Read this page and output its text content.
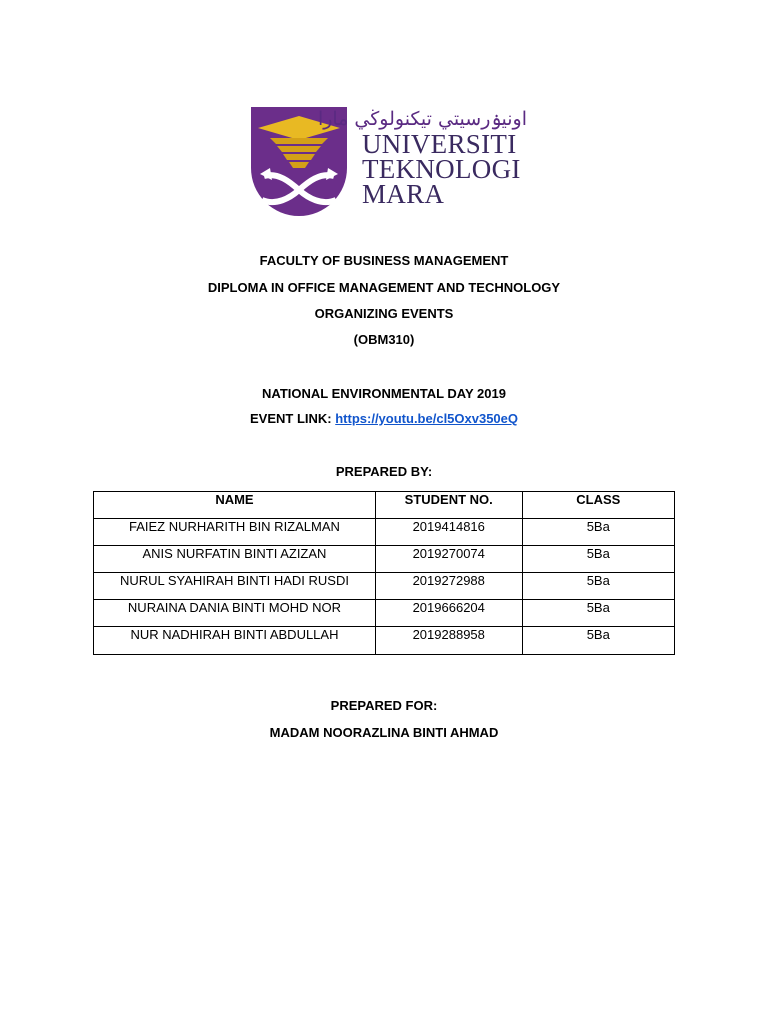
اونيۏرسيتي تيکنولوڬي مارا
UNIVERSITI
TEKNOLOGI
MARA
FACULTY OF BUSINESS MANAGEMENT
DIPLOMA IN OFFICE MANAGEMENT AND TECHNOLOGY
ORGANIZING EVENTS
(OBM310)
NATIONAL ENVIRONMENTAL DAY 2019
EVENT LINK: https://youtu.be/cl5Oxv350eQ
PREPARED BY:
NAME	STUDENT NO.	CLASS
FAIEZ NURHARITH BIN RIZALMAN	2019414816	5Ba
ANIS NURFATIN BINTI AZIZAN	2019270074	5Ba
NURUL SYAHIRAH BINTI HADI RUSDI	2019272988	5Ba
NURAINA DANIA BINTI MOHD NOR	2019666204	5Ba
NUR NADHIRAH BINTI ABDULLAH	2019288958	5Ba
PREPARED FOR:
MADAM NOORAZLINA BINTI AHMAD
